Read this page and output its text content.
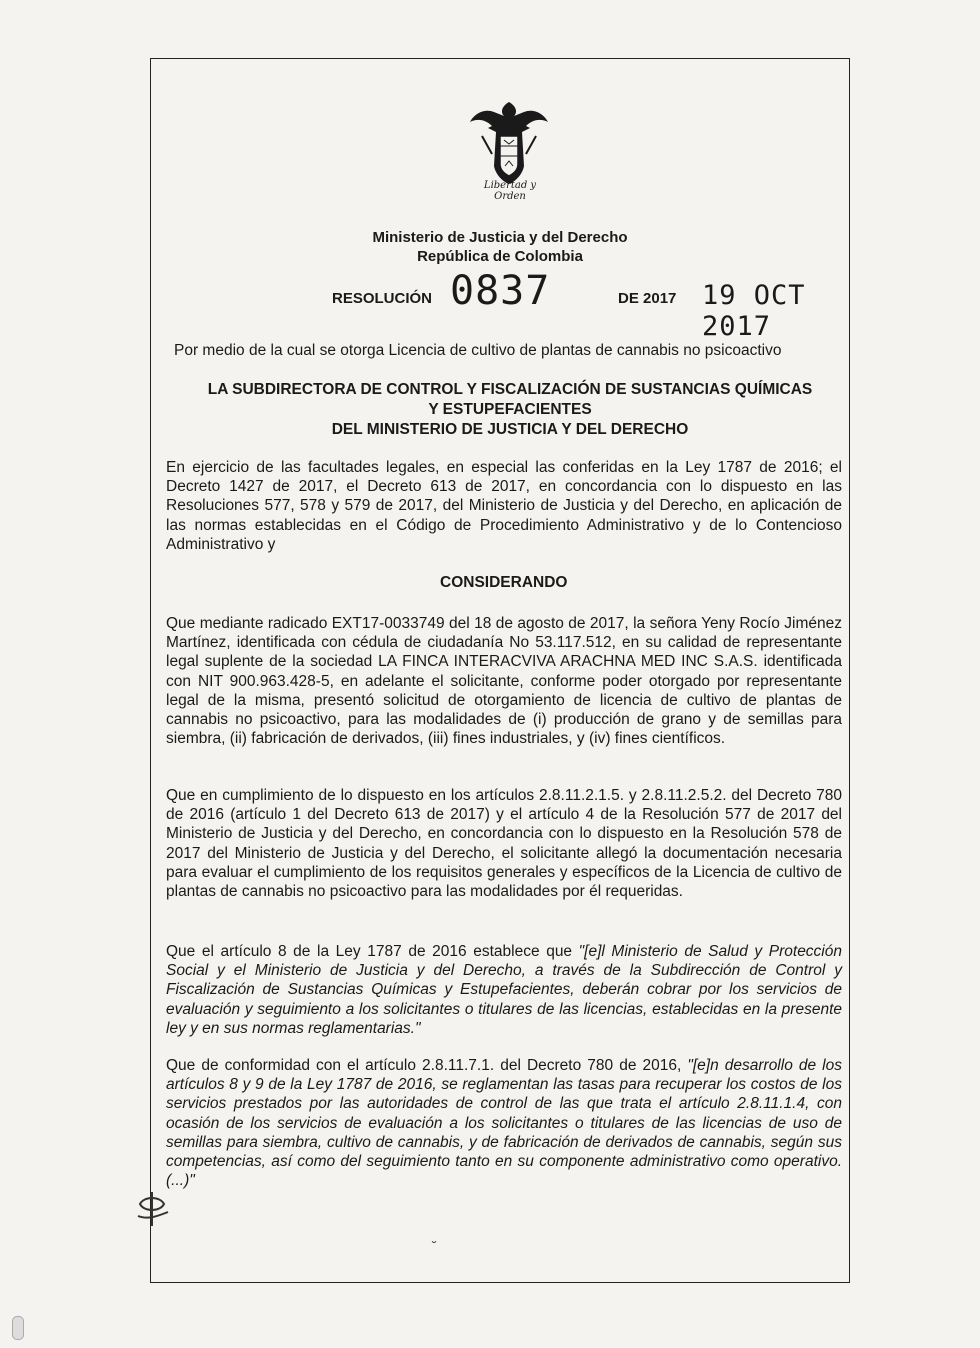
Libertad y Orden
Ministerio de Justicia y del Derecho
República de Colombia
RESOLUCIÓN 0837	DE 2017 19 OCT 2017
Por medio de la cual se otorga Licencia de cultivo de plantas de cannabis no psicoactivo
LA SUBDIRECTORA DE CONTROL Y FISCALIZACIÓN DE SUSTANCIAS QUÍMICAS
Y ESTUPEFACIENTES
DEL MINISTERIO DE JUSTICIA Y DEL DERECHO
En ejercicio de las facultades legales, en especial las conferidas en la Ley 1787 de 2016; el Decreto 1427 de 2017, el Decreto 613 de 2017, en concordancia con lo dispuesto en las Resoluciones 577, 578 y 579 de 2017, del Ministerio de Justicia y del Derecho, en aplicación de las normas establecidas en el Código de Procedimiento Administrativo y de lo Contencioso Administrativo y
CONSIDERANDO
Que mediante radicado EXT17-0033749 del 18 de agosto de 2017, la señora Yeny Rocío Jiménez Martínez, identificada con cédula de ciudadanía No 53.117.512, en su calidad de representante legal suplente de la sociedad LA FINCA INTERACVIVA ARACHNA MED INC S.A.S. identificada con NIT 900.963.428-5, en adelante el solicitante, conforme poder otorgado por representante legal de la misma, presentó solicitud de otorgamiento de licencia de cultivo de plantas de cannabis no psicoactivo, para las modalidades de (i) producción de grano y de semillas para siembra, (ii) fabricación de derivados, (iii) fines industriales, y (iv) fines científicos.
Que en cumplimiento de lo dispuesto en los artículos 2.8.11.2.1.5. y 2.8.11.2.5.2. del Decreto 780 de 2016 (artículo 1 del Decreto 613 de 2017) y el artículo 4 de la Resolución 577 de 2017 del Ministerio de Justicia y del Derecho, en concordancia con lo dispuesto en la Resolución 578 de 2017 del Ministerio de Justicia y del Derecho, el solicitante allegó la documentación necesaria para evaluar el cumplimiento de los requisitos generales y específicos de la Licencia de cultivo de plantas de cannabis no psicoactivo para las modalidades por él requeridas.
Que el artículo 8 de la Ley 1787 de 2016 establece que "[e]l Ministerio de Salud y Protección Social y el Ministerio de Justicia y del Derecho, a través de la Subdirección de Control y Fiscalización de Sustancias Químicas y Estupefacientes, deberán cobrar por los servicios de evaluación y seguimiento a los solicitantes o titulares de las licencias, establecidas en la presente ley y en sus normas reglamentarias."
Que de conformidad con el artículo 2.8.11.7.1. del Decreto 780 de 2016, "[e]n desarrollo de los artículos 8 y 9 de la Ley 1787 de 2016, se reglamentan las tasas para recuperar los costos de los servicios prestados por las autoridades de control de las que trata el artículo 2.8.11.1.4, con ocasión de los servicios de evaluación a los solicitantes o titulares de las licencias de uso de semillas para siembra, cultivo de cannabis, y de fabricación de derivados de cannabis, según sus competencias, así como del seguimiento tanto en su componente administrativo como operativo. (...)"
˘
